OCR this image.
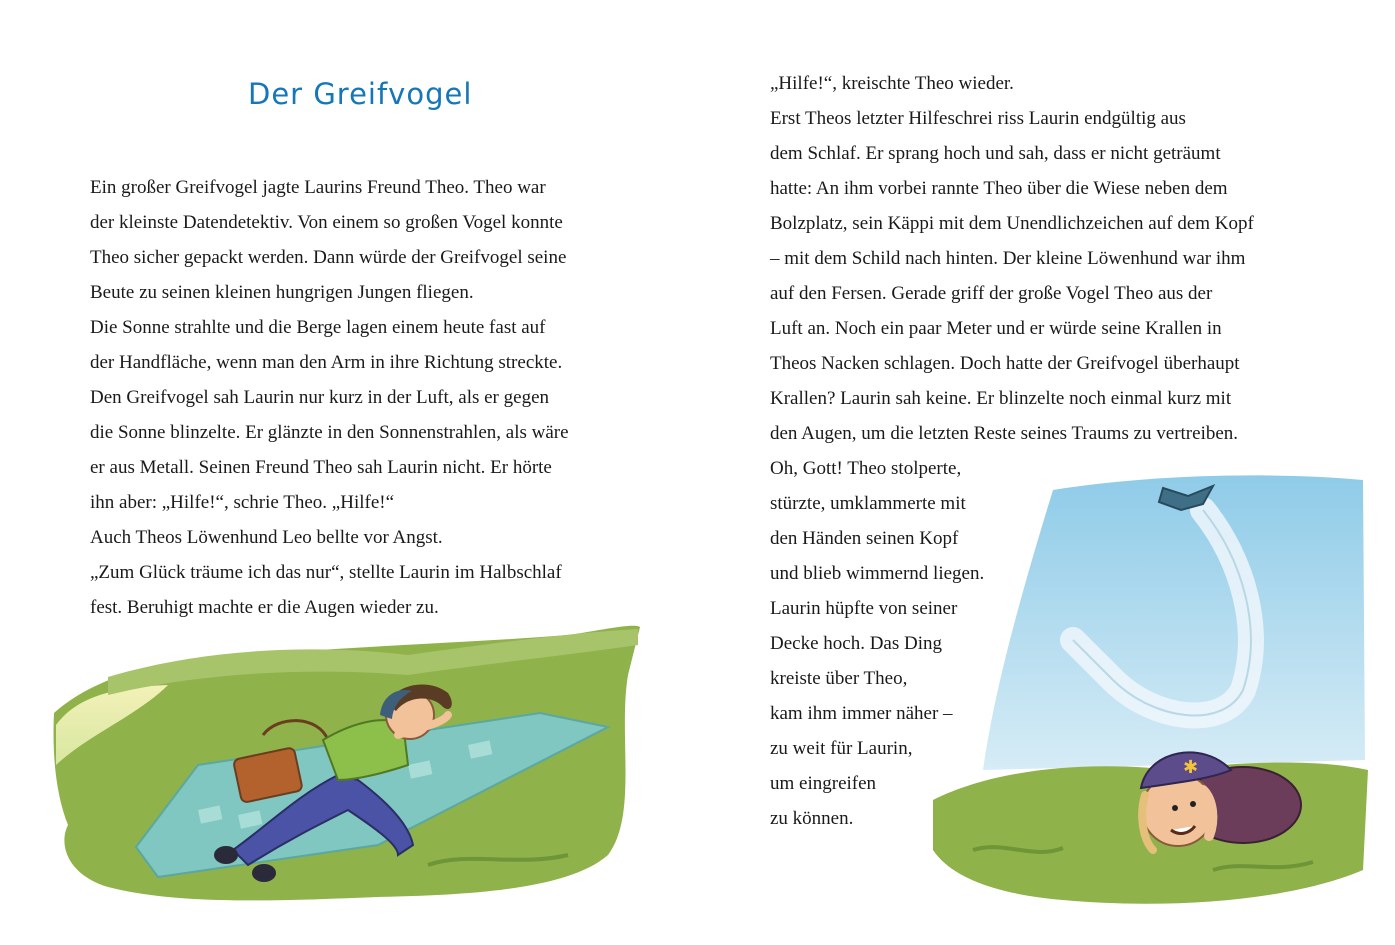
Der Greifvogel
Ein großer Greifvogel jagte Laurins Freund Theo. Theo war
der kleinste Datendetektiv. Von einem so großen Vogel konnte
Theo sicher gepackt werden. Dann würde der Greifvogel seine
Beute zu seinen kleinen hungrigen Jungen fliegen.
Die Sonne strahlte und die Berge lagen einem heute fast auf
der Handfläche, wenn man den Arm in ihre Richtung streckte.
Den Greifvogel sah Laurin nur kurz in der Luft, als er gegen
die Sonne blinzelte. Er glänzte in den Sonnenstrahlen, als wäre
er aus Metall. Seinen Freund Theo sah Laurin nicht. Er hörte
ihn aber: „Hilfe!“, schrie Theo. „Hilfe!“
Auch Theos Löwenhund Leo bellte vor Angst.
„Zum Glück träume ich das nur“, stellte Laurin im Halbschlaf
fest. Beruhigt machte er die Augen wieder zu.
„Hilfe!“, kreischte Theo wieder.
Erst Theos letzter Hilfeschrei riss Laurin endgültig aus
dem Schlaf. Er sprang hoch und sah, dass er nicht geträumt
hatte: An ihm vorbei rannte Theo über die Wiese neben dem
Bolzplatz, sein Käppi mit dem Unendlichzeichen auf dem Kopf
– mit dem Schild nach hinten. Der kleine Löwenhund war ihm
auf den Fersen. Gerade griff der große Vogel Theo aus der
Luft an. Noch ein paar Meter und er würde seine Krallen in
Theos Nacken schlagen. Doch hatte der Greifvogel überhaupt
Krallen? Laurin sah keine. Er blinzelte noch einmal kurz mit
den Augen, um die letzten Reste seines Traums zu vertreiben.
Oh, Gott! Theo stolperte,
stürzte, umklammerte mit
den Händen seinen Kopf
und blieb wimmernd liegen.
Laurin hüpfte von seiner
Decke hoch. Das Ding
kreiste über Theo,
kam ihm immer näher –
zu weit für Laurin,
um eingreifen
zu können.
✱
